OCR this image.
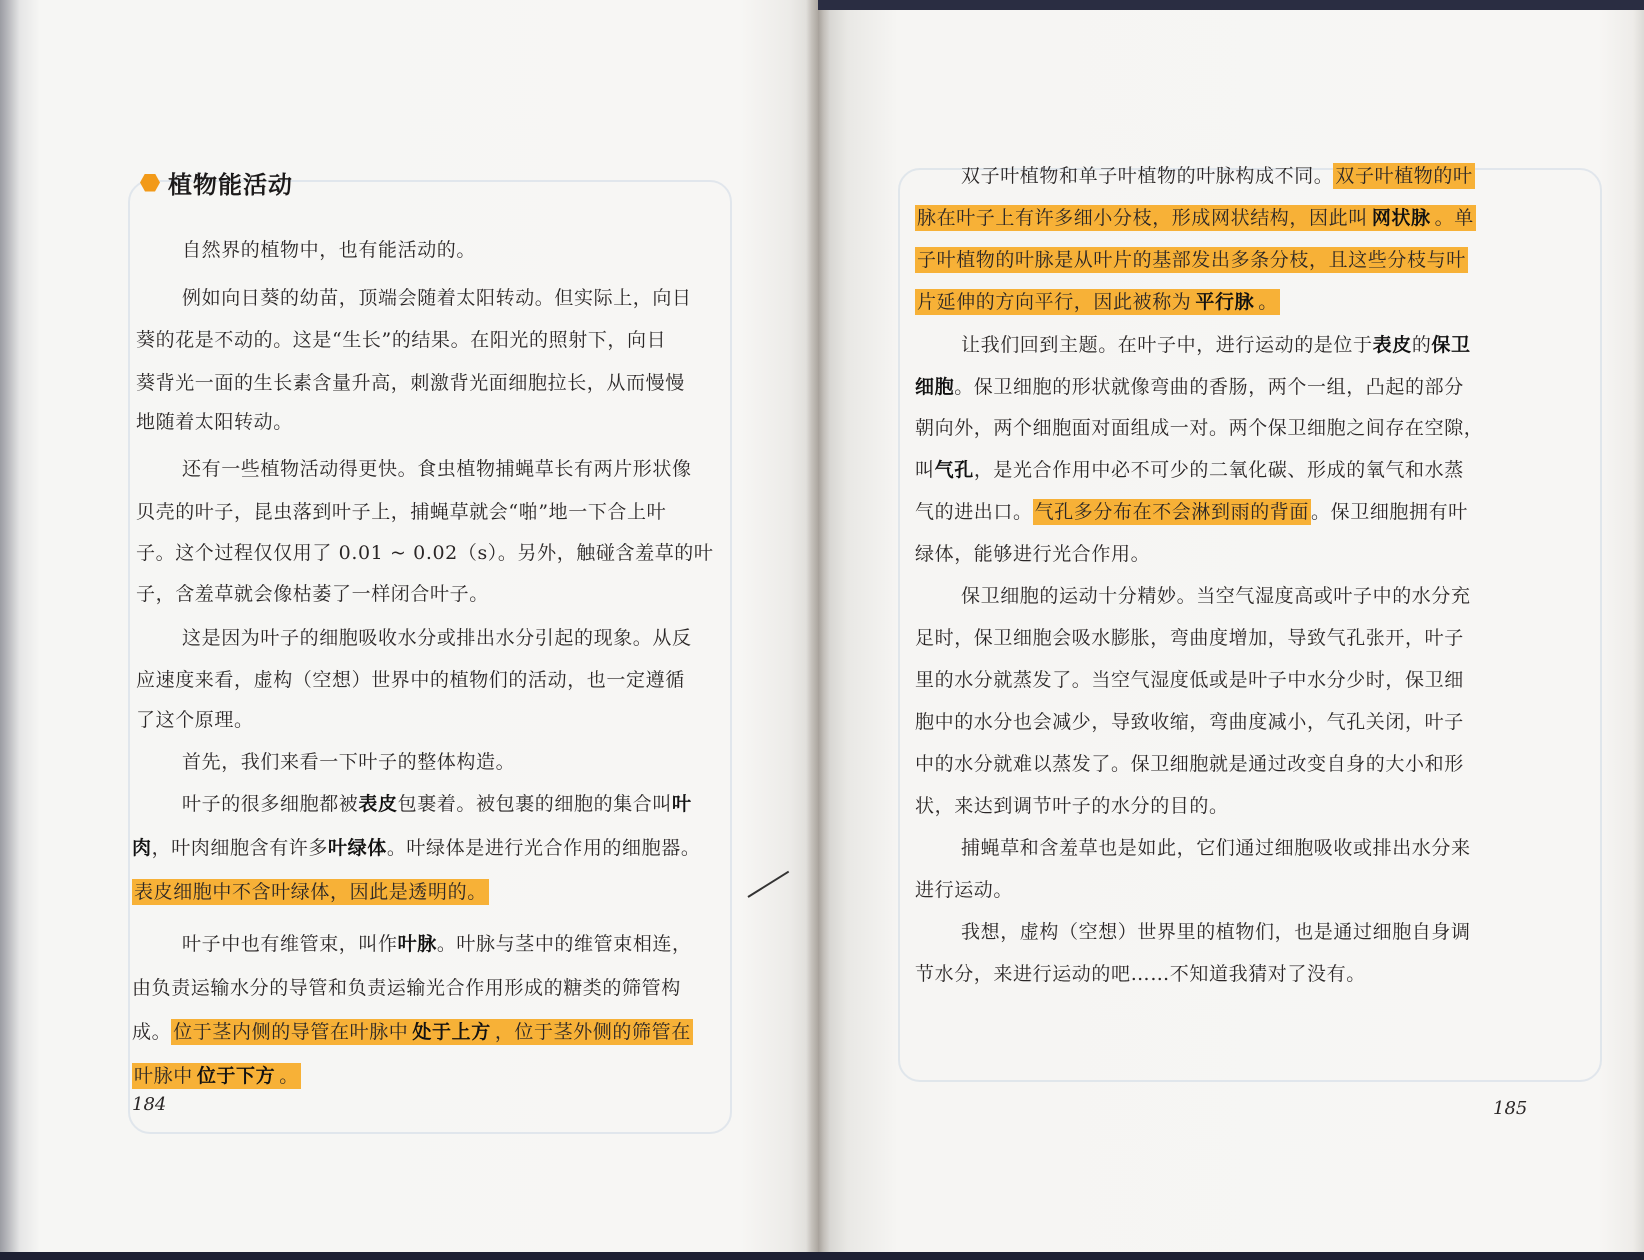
植物能活动
自然界的植物中，也有能活动的。
例如向日葵的幼苗，顶端会随着太阳转动。但实际上，向日
葵的花是不动的。这是“生长”的结果。在阳光的照射下，向日
葵背光一面的生长素含量升高，刺激背光面细胞拉长，从而慢慢
地随着太阳转动。
还有一些植物活动得更快。食虫植物捕蝇草长有两片形状像
贝壳的叶子，昆虫落到叶子上，捕蝇草就会“啪”地一下合上叶
子。这个过程仅仅用了 0.01 ~ 0.02（s）。另外，触碰含羞草的叶
子，含羞草就会像枯萎了一样闭合叶子。
这是因为叶子的细胞吸收水分或排出水分引起的现象。从反
应速度来看，虚构（空想）世界中的植物们的活动，也一定遵循
了这个原理。
首先，我们来看一下叶子的整体构造。
叶子的很多细胞都被表皮包裹着。被包裹的细胞的集合叫叶
肉，叶肉细胞含有许多叶绿体。叶绿体是进行光合作用的细胞器。
表皮细胞中不含叶绿体，因此是透明的。
叶子中也有维管束，叫作叶脉。叶脉与茎中的维管束相连，
由负责运输水分的导管和负责运输光合作用形成的糖类的筛管构
成。 位于茎内侧的导管在叶脉中 处于上方 ，位于茎外侧的筛管在
叶脉中 位于下方 。
184
双子叶植物和单子叶植物的叶脉构成不同。 双子叶植物的叶
脉在叶子上有许多细小分枝，形成网状结构，因此叫 网状脉 。单
子叶植物的叶脉是从叶片的基部发出多条分枝，且这些分枝与叶
片延伸的方向平行，因此被称为 平行脉 。
让我们回到主题。在叶子中，进行运动的是位于表皮的保卫
细胞。保卫细胞的形状就像弯曲的香肠，两个一组，凸起的部分
朝向外，两个细胞面对面组成一对。两个保卫细胞之间存在空隙，
叫气孔，是光合作用中必不可少的二氧化碳、形成的氧气和水蒸
气的进出口。 气孔多分布在不会淋到雨的背面 。保卫细胞拥有叶
绿体，能够进行光合作用。
保卫细胞的运动十分精妙。当空气湿度高或叶子中的水分充
足时，保卫细胞会吸水膨胀，弯曲度增加，导致气孔张开，叶子
里的水分就蒸发了。当空气湿度低或是叶子中水分少时，保卫细
胞中的水分也会减少，导致收缩，弯曲度减小，气孔关闭，叶子
中的水分就难以蒸发了。保卫细胞就是通过改变自身的大小和形
状，来达到调节叶子的水分的目的。
捕蝇草和含羞草也是如此，它们通过细胞吸收或排出水分来
进行运动。
我想，虚构（空想）世界里的植物们，也是通过细胞自身调
节水分，来进行运动的吧……不知道我猜对了没有。
185
